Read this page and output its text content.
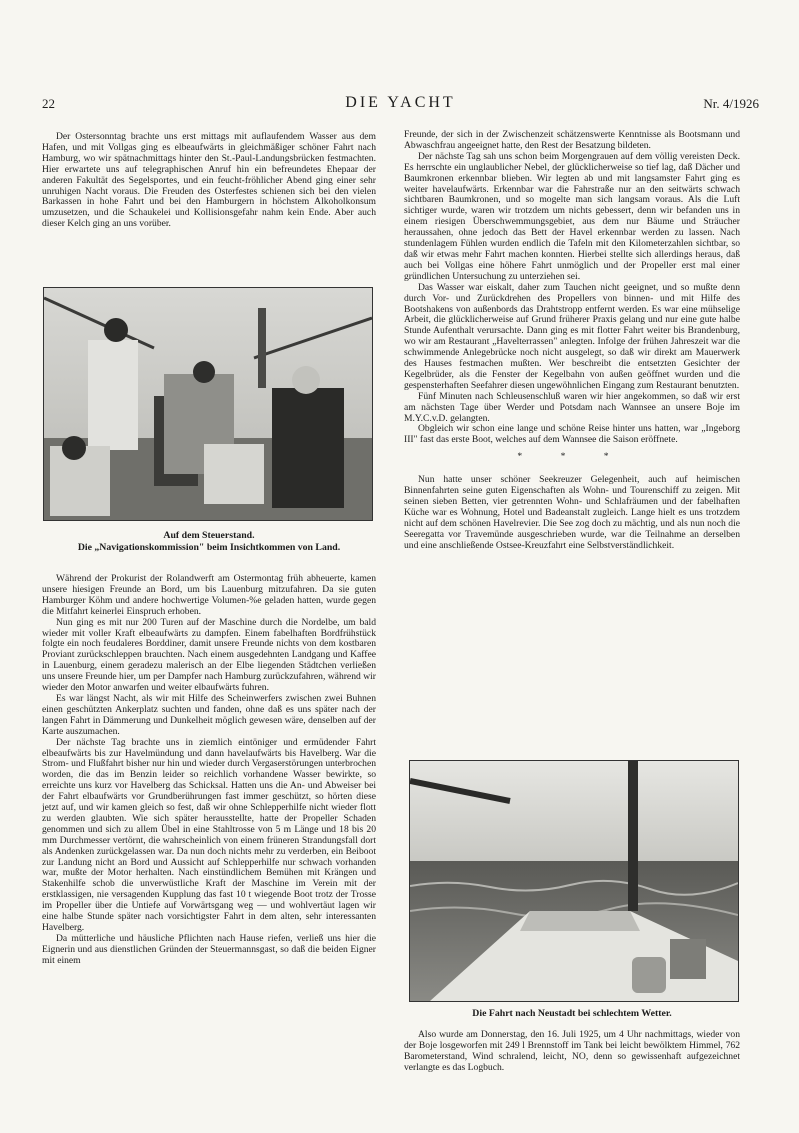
22	DIE YACHT	Nr. 4/1926

Der Ostersonntag brachte uns erst mittags mit auflaufendem Wasser aus dem Hafen, und mit Vollgas ging es elbeaufwärts in gleichmäßiger schöner Fahrt nach Hamburg, wo wir spätnachmittags hinter den St.-Paul-Landungsbrücken festmachten. Hier erwartete uns auf telegraphischen Anruf hin ein befreundetes Ehepaar der anderen Fakultät des Segelsportes, und ein feucht-fröhlicher Abend ging einer sehr unruhigen Nacht voraus. Die Freuden des Osterfestes schienen sich bei den vielen Barkassen in hohe Fahrt und bei den Hamburgern in höchstem Alkoholkonsum umzusetzen, und die Schaukelei und Kollisionsgefahr nahm kein Ende. Aber auch dieser Kelch ging an uns vorüber.

Auf dem Steuerstand.
Die „Navigationskommission" beim Insichtkommen von Land.

Während der Prokurist der Rolandwerft am Ostermontag früh abheuerte, kamen unsere hiesigen Freunde an Bord, um bis Lauenburg mitzufahren. Da sie guten Hamburger Köhm und andere hochwertige Volumen-%e geladen hatten, wurde gegen die Mitfahrt keinerlei Einspruch erhoben.

Nun ging es mit nur 200 Turen auf der Maschine durch die Nordelbe, um bald wieder mit voller Kraft elbeaufwärts zu dampfen. Einem fabelhaften Bordfrühstück folgte ein noch feudaleres Borddiner, damit unsere Freunde nichts von dem kostbaren Proviant zurückschleppen brauchten. Nach einem ausgedehnten Landgang und Kaffee in Lauenburg, einem geradezu malerisch an der Elbe liegenden Städtchen verließen uns unsere Freunde hier, um per Dampfer nach Hamburg zurückzufahren, während wir wieder den Motor anwarfen und weiter elbaufwärts fuhren.

Es war längst Nacht, als wir mit Hilfe des Scheinwerfers zwischen zwei Buhnen einen geschützten Ankerplatz suchten und fanden, ohne daß es uns später nach der langen Fahrt in Dämmerung und Dunkelheit möglich gewesen wäre, denselben auf der Karte auszumachen.

Der nächste Tag brachte uns in ziemlich eintöniger und ermüdender Fahrt elbeaufwärts bis zur Havelmündung und dann havelaufwärts bis Havelberg. War die Strom- und Flußfahrt bisher nur hin und wieder durch Vergaserstörungen unterbrochen worden, die das im Benzin leider so reichlich vorhandene Wasser bewirkte, so erreichte uns kurz vor Havelberg das Schicksal. Hatten uns die An- und Abweiser bei der Fahrt elbaufwärts vor Grundberührungen fast immer geschützt, so hörten diese jetzt auf, und wir kamen gleich so fest, daß wir ohne Schlepperhilfe nicht wieder flott zu werden glaubten. Wie sich später herausstellte, hatte der Propeller Schaden genommen und sich zu allem Übel in eine Stahltrosse von 5 m Länge und 18 bis 20 mm Durchmesser vertörnt, die wahrscheinlich von einem früneren Strandungsfall dort als Andenken zurückgelassen war. Da nun doch nichts mehr zu verderben, ein Beiboot zur Landung nicht an Bord und Aussicht auf Schlepperhilfe nur schwach vorhanden war, mußte der Motor herhalten. Nach einstündlichem Bemühen mit Krängen und Stakenhilfe schob die unverwüstliche Kraft der Maschine im Verein mit der erstklassigen, nie versagenden Kupplung das fast 10 t wiegende Boot trotz der Trosse im Propeller über die Untiefe auf Vorwärtsgang weg — und wohlvertäut lagen wir eine halbe Stunde später nach vorsichtigster Fahrt in dem alten, sehr interessanten Havelberg.

Da mütterliche und häusliche Pflichten nach Hause riefen, verließ uns hier die Eignerin und aus dienstlichen Gründen der Steuermannsgast, so daß die beiden Eigner mit einem

Freunde, der sich in der Zwischenzeit schätzenswerte Kenntnisse als Bootsmann und Abwaschfrau angeeignet hatte, den Rest der Besatzung bildeten.

Der nächste Tag sah uns schon beim Morgengrauen auf dem völlig vereisten Deck. Es herrschte ein unglaublicher Nebel, der glücklicherweise so tief lag, daß Dächer und Baumkronen erkennbar blieben. Wir legten ab und mit langsamster Fahrt ging es weiter havelaufwärts. Erkennbar war die Fahrstraße nur an den seitwärts schwach sichtbaren Baumkronen, und so mogelte man sich langsam voraus. Als die Luft sichtiger wurde, waren wir trotzdem um nichts gebessert, denn wir befanden uns in einem riesigen Überschwemmungsgebiet, aus dem nur Bäume und Sträucher heraussahen, ohne jedoch das Bett der Havel erkennbar werden zu lassen. Nach stundenlagem Fühlen wurden endlich die Tafeln mit den Kilometerzahlen sichtbar, so daß wir etwas mehr Fahrt machen konnten. Hierbei stellte sich allerdings heraus, daß auch bei Vollgas eine höhere Fahrt unmöglich und der Propeller erst mal einer gründlichen Untersuchung zu unterziehen sei.

Das Wasser war eiskalt, daher zum Tauchen nicht geeignet, und so mußte denn durch Vor- und Zurückdrehen des Propellers von binnen- und mit Hilfe des Bootshakens von außenbords das Drahtstropp entfernt werden. Es war eine mühselige Arbeit, die glücklicherweise auf Grund früherer Praxis gelang und nur eine gute halbe Stunde Aufenthalt verursachte. Dann ging es mit flotter Fahrt weiter bis Brandenburg, wo wir am Restaurant „Havelterrassen" anlegten. Infolge der frühen Jahreszeit war die schwimmende Anlegebrücke noch nicht ausgelegt, so daß wir direkt am Mauerwerk des Hauses festmachen mußten. Wer beschreibt die entsetzten Gesichter der Kegelbrüder, als die Fenster der Kegelbahn von außen geöffnet wurden und die gespensterhaften Seefahrer diesen ungewöhnlichen Eingang zum Restaurant benutzten.

Fünf Minuten nach Schleusenschluß waren wir hier angekommen, so daß wir erst am nächsten Tage über Werder und Potsdam nach Wannsee an unsere Boje im M.Y.C.v.D. gelangten.

Obgleich wir schon eine lange und schöne Reise hinter uns hatten, war „Ingeborg III" fast das erste Boot, welches auf dem Wannsee die Saison eröffnete.

* * *

Nun hatte unser schöner Seekreuzer Gelegenheit, auch auf heimischen Binnenfahrten seine guten Eigenschaften als Wohn- und Tourenschiff zu zeigen. Mit seinen sieben Betten, vier getrennten Wohn- und Schlafräumen und der fabelhaften Küche war es Wohnung, Hotel und Badeanstalt zugleich. Lange hielt es uns trotzdem nicht auf dem schönen Havelrevier. Die See zog doch zu mächtig, und als nun noch die Seeregatta vor Travemünde ausgeschrieben wurde, war die Teilnahme an derselben und eine anschließende Ostsee-Kreuzfahrt eine Selbstverständlichkeit.

Die Fahrt nach Neustadt bei schlechtem Wetter.

Also wurde am Donnerstag, den 16. Juli 1925, um 4 Uhr nachmittags, wieder von der Boje losgeworfen mit 249 l Brennstoff im Tank bei leicht bewölktem Himmel, 762 Barometerstand, Wind schralend, leicht, NO, denn so gewissenhaft aufgezeichnet verlangte es das Logbuch.
